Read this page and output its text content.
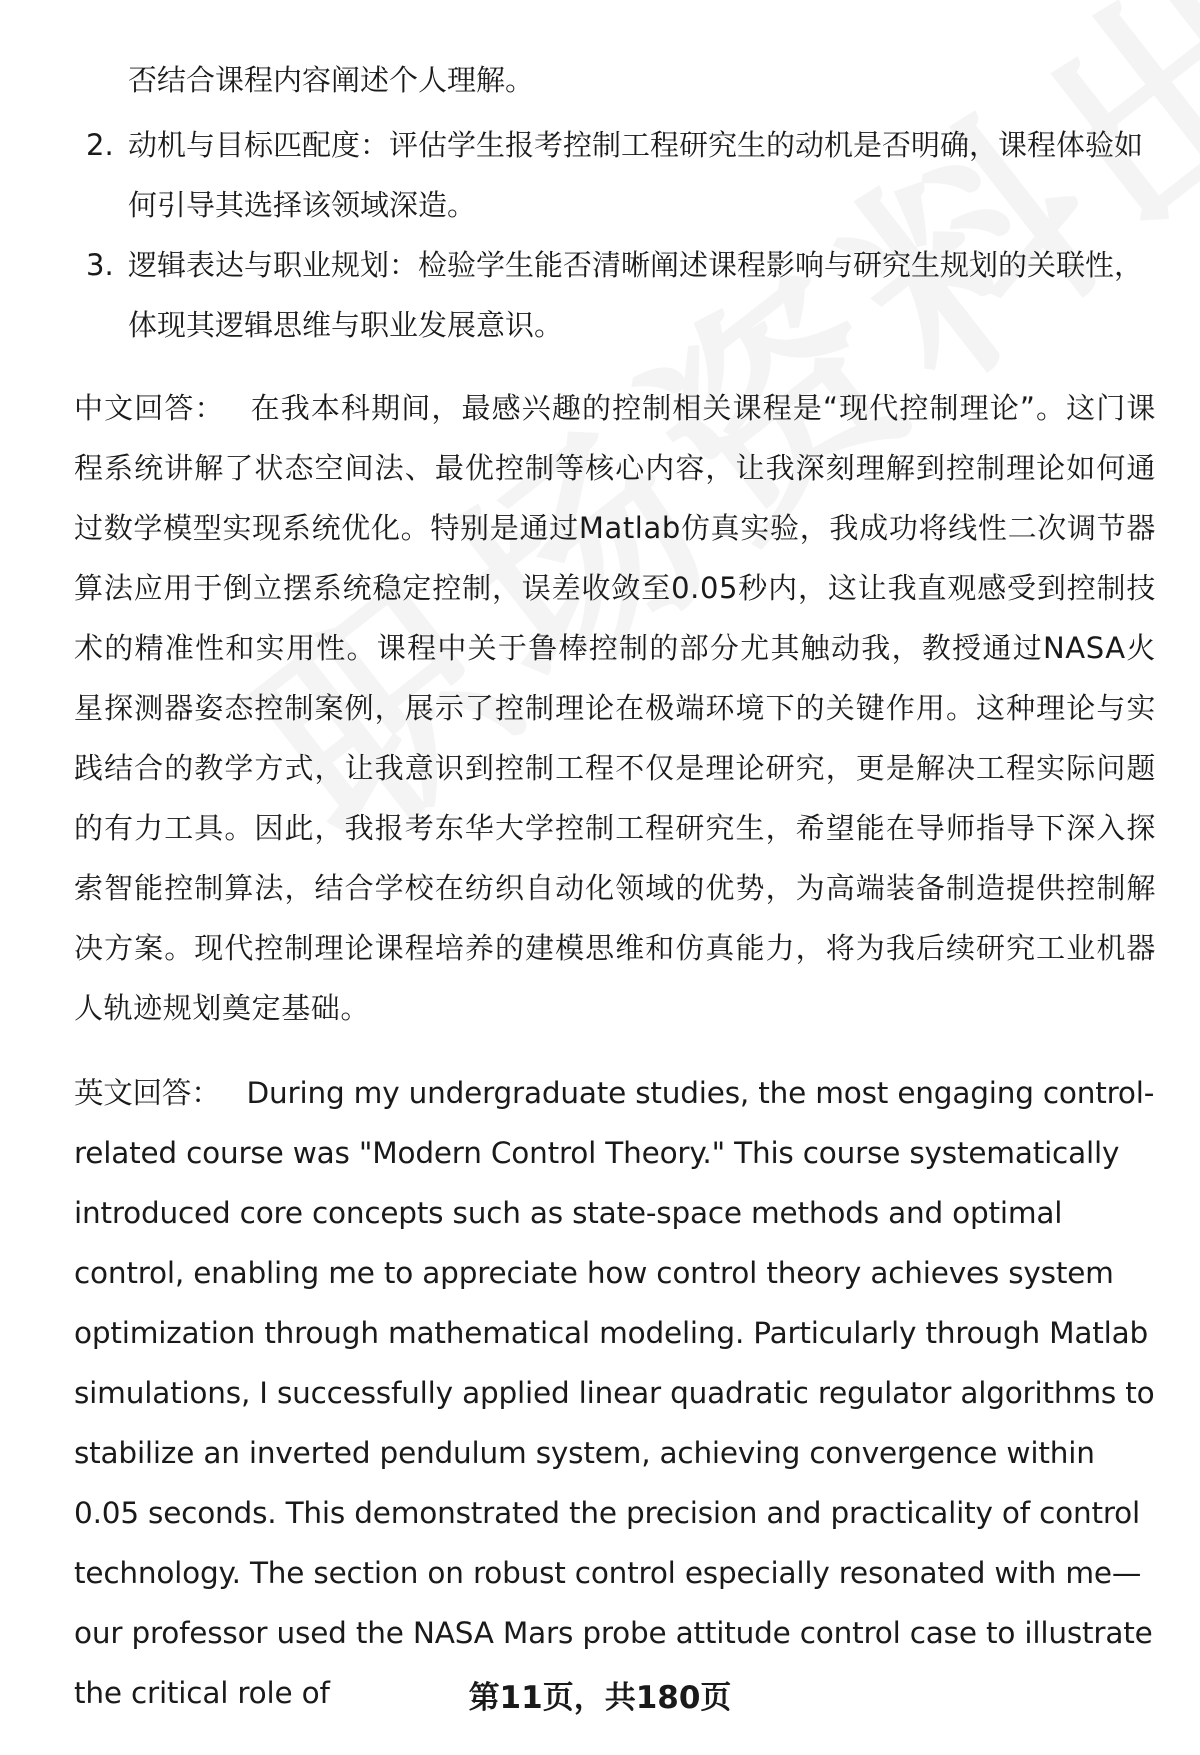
否结合课程内容阐述个人理解。
2. 动机与目标匹配度：评估学生报考控制工程研究生的动机是否明确，课程体验如何引导其选择该领域深造。
3. 逻辑表达与职业规划：检验学生能否清晰阐述课程影响与研究生规划的关联性，体现其逻辑思维与职业发展意识。
中文回答： 在我本科期间，最感兴趣的控制相关课程是“现代控制理论”。这门课程系统讲解了状态空间法、最优控制等核心内容，让我深刻理解到控制理论如何通过数学模型实现系统优化。特别是通过Matlab仿真实验，我成功将线性二次调节器算法应用于倒立摆系统稳定控制，误差收敛至0.05秒内，这让我直观感受到控制技术的精准性和实用性。课程中关于鲁棒控制的部分尤其触动我，教授通过NASA火星探测器姿态控制案例，展示了控制理论在极端环境下的关键作用。这种理论与实践结合的教学方式，让我意识到控制工程不仅是理论研究，更是解决工程实际问题的有力工具。因此，我报考东华大学控制工程研究生，希望能在导师指导下深入探索智能控制算法，结合学校在纺织自动化领域的优势，为高端装备制造提供控制解决方案。现代控制理论课程培养的建模思维和仿真能力，将为我后续研究工业机器人轨迹规划奠定基础。
英文回答： During my undergraduate studies, the most engaging control-related course was "Modern Control Theory." This course systematically introduced core concepts such as state-space methods and optimal control, enabling me to appreciate how control theory achieves system optimization through mathematical modeling. Particularly through Matlab simulations, I successfully applied linear quadratic regulator algorithms to stabilize an inverted pendulum system, achieving convergence within 0.05 seconds. This demonstrated the precision and practicality of control technology. The section on robust control especially resonated with me—our professor used the NASA Mars probe attitude control case to illustrate the critical role of	第11页，共180页
